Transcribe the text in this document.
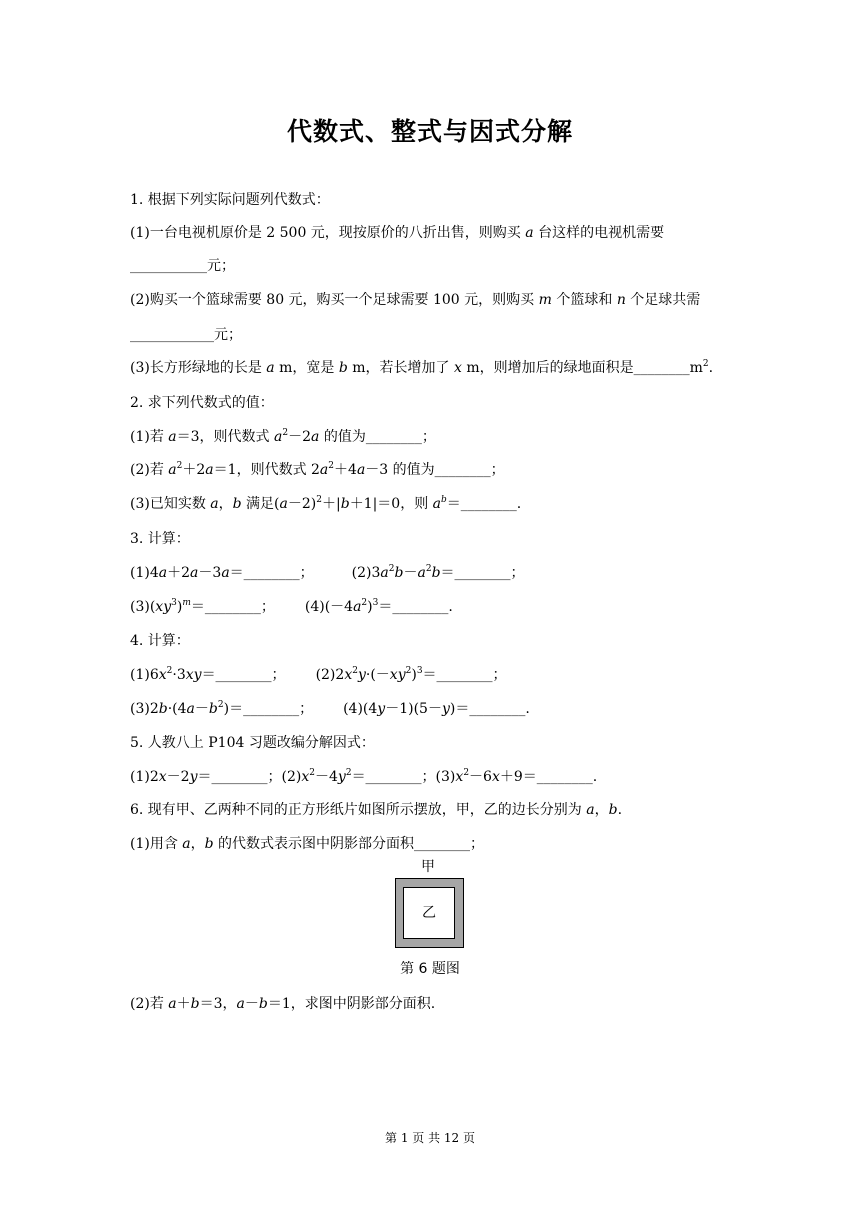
代数式、整式与因式分解
1. 根据下列实际问题列代数式：
(1)一台电视机原价是 2 500 元，现按原价的八折出售，则购买 a 台这样的电视机需要
___________元；
(2)购买一个篮球需要 80 元，购买一个足球需要 100 元，则购买 m 个篮球和 n 个足球共需
____________元；
(3)长方形绿地的长是 a m，宽是 b m，若长增加了 x m，则增加后的绿地面积是$\_\_\_\_\_\_\_\_m^2$.
2. 求下列代数式的值：
(1)若 a＝3，则代数式 $a^2-2a$ 的值为________；
(2)若 $a^2+2a=1$，则代数式 $2a^2+4a-3$ 的值为________；
(3)已知实数 a，b 满足$(a-2)^2+|b+1|=0$，则 $a^b=\_\_\_\_\_\_\_\_$.
3. 计算：
(1)4a＋2a－3a＝________；	$(2)3a^2b-a^2b=\_\_\_\_\_\_\_\_$；
$(3)(xy^3)^m=\_\_\_\_\_\_\_\_$； $(4)(-4a^2)^3=\_\_\_\_\_\_\_\_$.
4. 计算：
$(1)6x^2\cdot 3xy=\_\_\_\_\_\_\_\_$； $(2)2x^2y\cdot(-xy^2)^3=\_\_\_\_\_\_\_\_$；
$(3)2b\cdot(4a-b^2)=\_\_\_\_\_\_\_\_$； (4)(4y－1)(5－y)＝________.
5. 人教八上 P104 习题改编分解因式：
(1)2x－2y＝________；$(2)x^2-4y^2=\_\_\_\_\_\_\_\_$；$(3)x^2-6x+9=\_\_\_\_\_\_\_\_$.
6. 现有甲、乙两种不同的正方形纸片如图所示摆放，甲，乙的边长分别为 a，b.
(1)用含 a，b 的代数式表示图中阴影部分面积________；
甲
乙
第 6 题图
(2)若 a＋b＝3，a－b＝1，求图中阴影部分面积.
第 1 页 共 12 页
